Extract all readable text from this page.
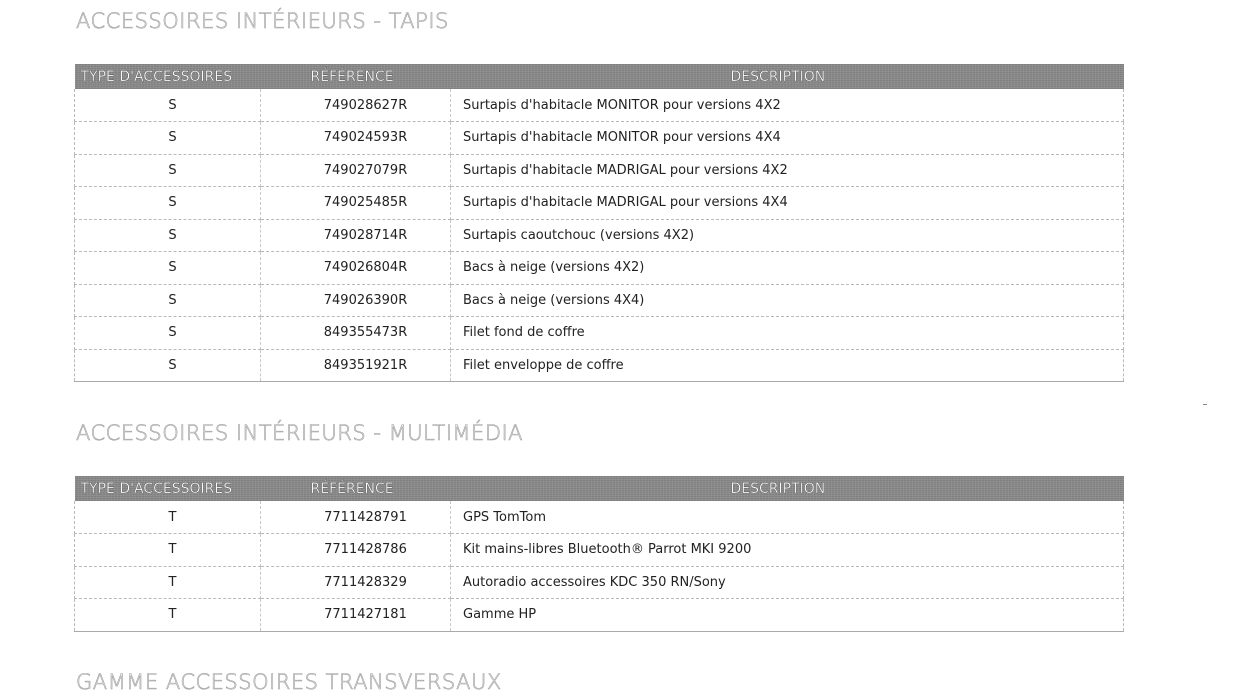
ACCESSOIRES INTÉRIEURS - TAPIS
TYPE D'ACCESSOIRES	RÉFÉRENCE	DESCRIPTION
S	749028627R	Surtapis d'habitacle MONITOR pour versions 4X2
S	749024593R	Surtapis d'habitacle MONITOR pour versions 4X4
S	749027079R	Surtapis d'habitacle MADRIGAL pour versions 4X2
S	749025485R	Surtapis d'habitacle MADRIGAL pour versions 4X4
S	749028714R	Surtapis caoutchouc (versions 4X2)
S	749026804R	Bacs à neige (versions 4X2)
S	749026390R	Bacs à neige (versions 4X4)
S	849355473R	Filet fond de coffre
S	849351921R	Filet enveloppe de coffre
ACCESSOIRES INTÉRIEURS - MULTIMÉDIA
TYPE D'ACCESSOIRES	RÉFÉRENCE	DESCRIPTION
T	7711428791	GPS TomTom
T	7711428786	Kit mains-libres Bluetooth® Parrot MKI 9200
T	7711428329	Autoradio accessoires KDC 350 RN/Sony
T	7711427181	Gamme HP
GAMME ACCESSOIRES TRANSVERSAUX
